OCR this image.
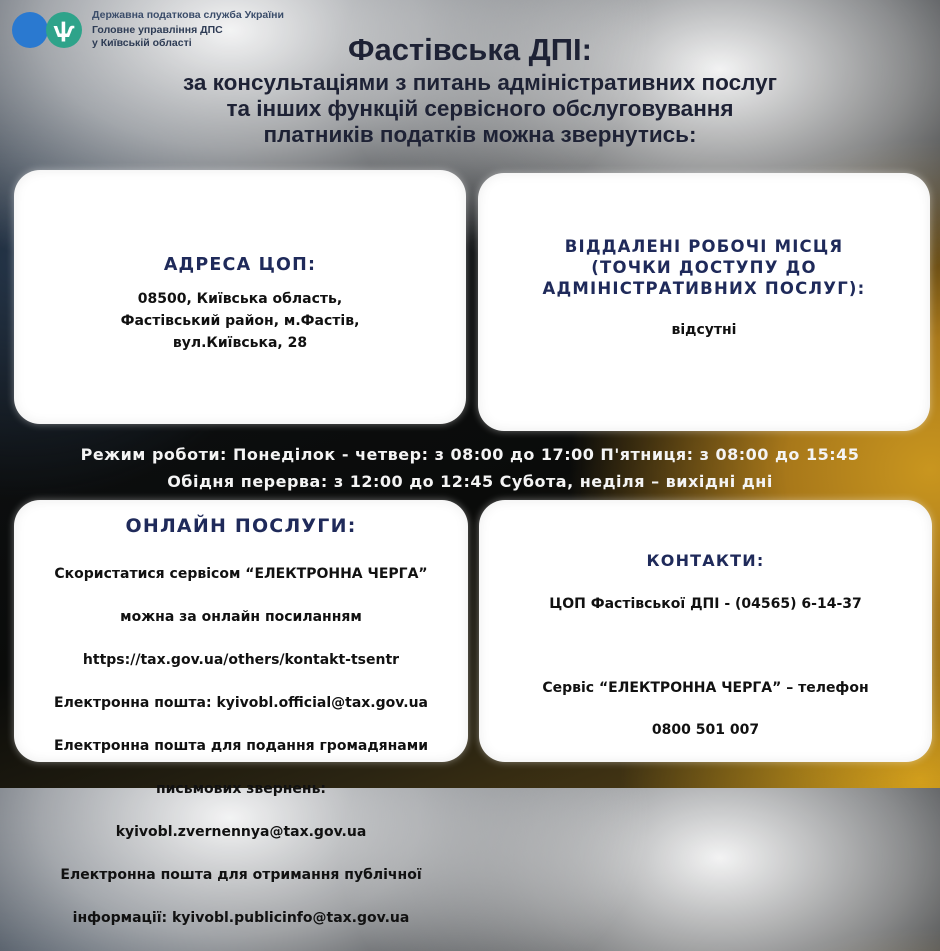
ѱ
Державна податкова служба України
Головне управління ДПС
у Київській області	Фастівська ДПІ:
за консультаціями з питань адміністративних послуг
та інших функцій сервісного обслуговування
платників податків можна звернутись:
АДРЕСА ЦОП:
08500, Київська область,
Фастівський район, м.Фастів,
вул.Київська, 28
ВІДДАЛЕНІ РОБОЧІ МІСЦЯ
(ТОЧКИ ДОСТУПУ ДО
АДМІНІСТРАТИВНИХ ПОСЛУГ):
відсутні
Режим роботи: Понеділок - четвер: з 08:00 до 17:00 П'ятниця: з 08:00 до 15:45
Обідня перерва: з 12:00 до 12:45 Субота, неділя – вихідні дні
ОНЛАЙН ПОСЛУГИ:

Скористатися сервісом “ЕЛЕКТРОННА ЧЕРГА”

можна за онлайн посиланням

https://tax.gov.ua/others/kontakt-tsentr

Електронна пошта: kyivobl.official@tax.gov.ua

Електронна пошта для подання громадянами

письмових звернень:

kyivobl.zvernennya@tax.gov.ua

Електронна пошта для отримання публічної

інформації: kyivobl.publicinfo@tax.gov.ua

КОНТАКТИ:

ЦОП Фастівської ДПІ - (04565) 6-14-37

Сервіс “ЕЛЕКТРОННА ЧЕРГА” – телефон

0800 501 007
